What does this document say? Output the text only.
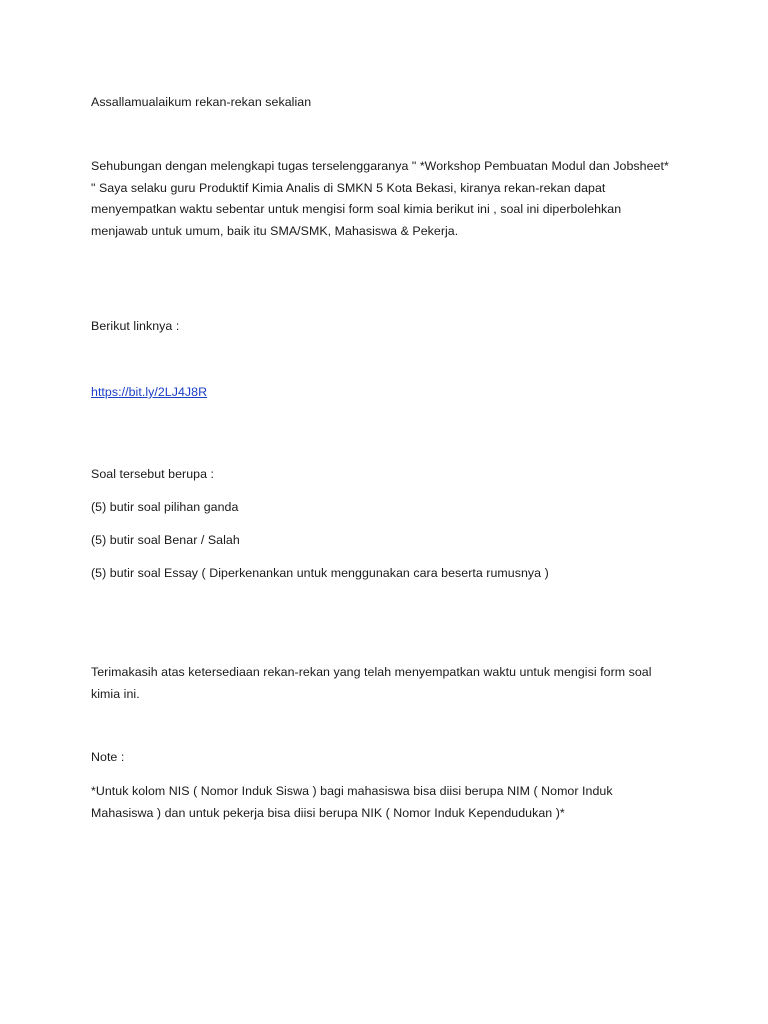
Assallamualaikum rekan-rekan sekalian

Sehubungan dengan melengkapi tugas terselenggaranya " *Workshop Pembuatan Modul dan Jobsheet*
" Saya selaku guru Produktif Kimia Analis di SMKN 5 Kota Bekasi, kiranya rekan-rekan dapat
menyempatkan waktu sebentar untuk mengisi form soal kimia berikut ini , soal ini diperbolehkan
menjawab untuk umum, baik itu SMA/SMK, Mahasiswa & Pekerja.

Berikut linknya :

https://bit.ly/2LJ4J8R

Soal tersebut berupa :

(5) butir soal pilihan ganda

(5) butir soal Benar / Salah

(5) butir soal Essay ( Diperkenankan untuk menggunakan cara beserta rumusnya )

Terimakasih atas ketersediaan rekan-rekan yang telah menyempatkan waktu untuk mengisi form soal
kimia ini.

Note :

*Untuk kolom NIS ( Nomor Induk Siswa ) bagi mahasiswa bisa diisi berupa NIM ( Nomor Induk
Mahasiswa ) dan untuk pekerja bisa diisi berupa NIK ( Nomor Induk Kependudukan )*
